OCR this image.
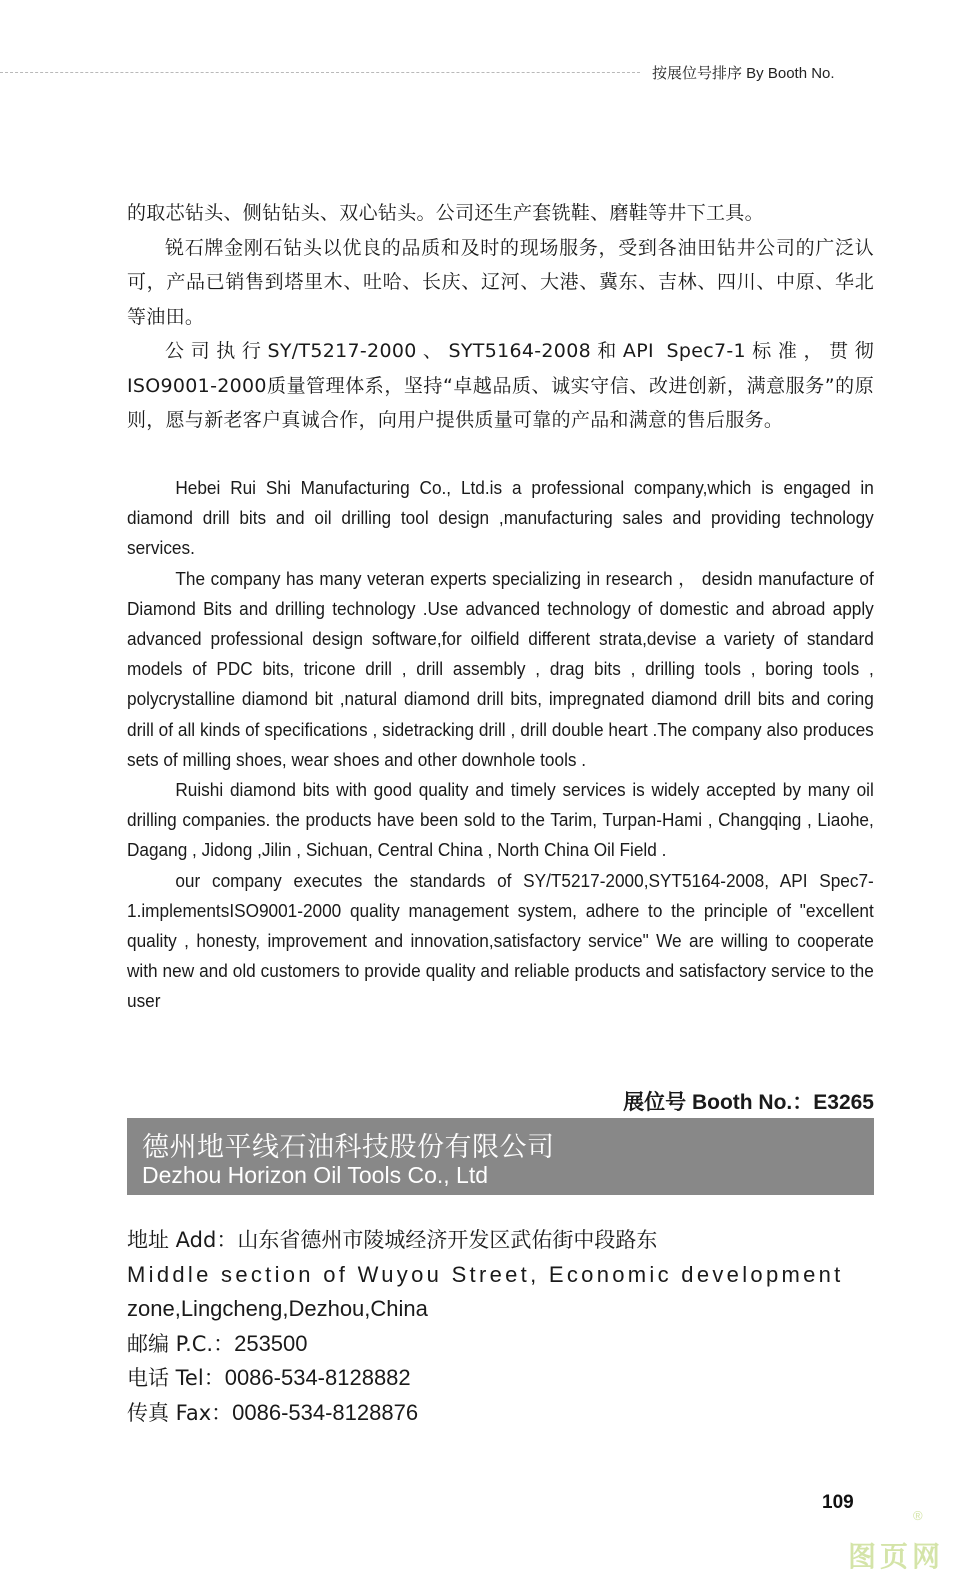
按展位号排序 By Booth No.

的取芯钻头、侧钻钻头、双心钻头。公司还生产套铣鞋、磨鞋等井下工具。

锐石牌金刚石钻头以优良的品质和及时的现场服务，受到各油田钻井公司的广泛认可，产品已销售到塔里木、吐哈、长庆、辽河、大港、冀东、吉林、四川、中原、华北等油田。

公司执行SY/T5217-2000、SYT5164-2008和API Spec7-1标准，贯彻ISO9001-2000质量管理体系，坚持“卓越品质、诚实守信、改进创新，满意服务”的原则，愿与新老客户真诚合作，向用户提供质量可靠的产品和满意的售后服务。

Hebei Rui Shi Manufacturing Co., Ltd.is a professional company,which is engaged in diamond drill bits and oil drilling tool design ,manufacturing sales and providing technology services.

The company has many veteran experts specializing in research ， desidn manufacture of Diamond Bits and drilling technology .Use advanced technology of domestic and abroad apply advanced professional design software,for oilfield different strata,devise a variety of standard models of PDC bits, tricone drill , drill assembly , drag bits , drilling tools , boring tools , polycrystalline diamond bit ,natural diamond drill bits, impregnated diamond drill bits and coring drill of all kinds of specifications , sidetracking drill , drill double heart .The company also produces sets of milling shoes, wear shoes and other downhole tools .

Ruishi diamond bits with good quality and timely services is widely accepted by many oil drilling companies. the products have been sold to the Tarim, Turpan-Hami , Changqing , Liaohe, Dagang , Jidong ,Jilin , Sichuan, Central China , North China Oil Field .

our company executes the standards of SY/T5217-2000,SYT5164-2008, API Spec7-1.implementsISO9001-2000 quality management system, adhere to the principle of "excellent quality , honesty, improvement and innovation,satisfactory service" We are willing to cooperate with new and old customers to provide quality and reliable products and satisfactory service to the user

展位号 Booth No.：E3265
德州地平线石油科技股份有限公司
Dezhou Horizon Oil Tools Co., Ltd
地址 Add：山东省德州市陵城经济开发区武佑街中段路东
Middle section of Wuyou Street, Economic development
zone,Lingcheng,Dezhou,China
邮编 P.C.：253500
电话 Tel：0086-534-8128882
传真 Fax：0086-534-8128876
109
®
图页网
